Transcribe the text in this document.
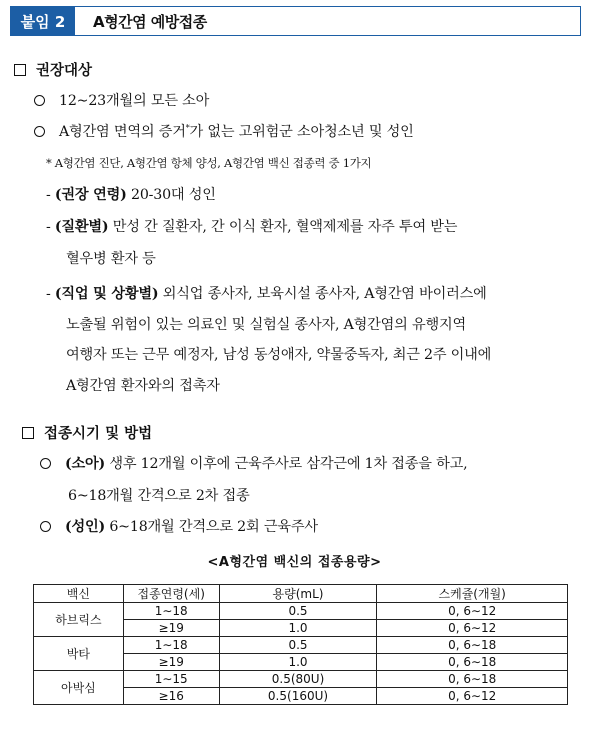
붙임 2	A형간염 예방접종
권장대상
12∼23개월의 모든 소아
A형간염 면역의 증거*가 없는 고위험군 소아청소년 및 성인
* A형간염 진단, A형간염 항체 양성, A형간염 백신 접종력 중 1가지
- (권장 연령) 20-30대 성인
- (질환별) 만성 간 질환자, 간 이식 환자, 혈액제제를 자주 투여 받는
혈우병 환자 등
- (직업 및 상황별) 외식업 종사자, 보육시설 종사자, A형간염 바이러스에
노출될 위험이 있는 의료인 및 실험실 종사자, A형간염의 유행지역
여행자 또는 근무 예정자, 남성 동성애자, 약물중독자, 최근 2주 이내에
A형간염 환자와의 접촉자
접종시기 및 방법
(소아) 생후 12개월 이후에 근육주사로 삼각근에 1차 접종을 하고,
6~18개월 간격으로 2차 접종
(성인) 6~18개월 간격으로 2회 근육주사
<A형간염 백신의 접종용량>
백신	접종연령(세)	용량(mL)	스케쥴(개월)
하브릭스	1∼18	0.5	0, 6∼12
	≥19	1.0	0, 6∼12
박타	1∼18	0.5	0, 6∼18
	≥19	1.0	0, 6∼18
아박심	1∼15	0.5(80U)	0, 6∼18
	≥16	0.5(160U)	0, 6∼12
